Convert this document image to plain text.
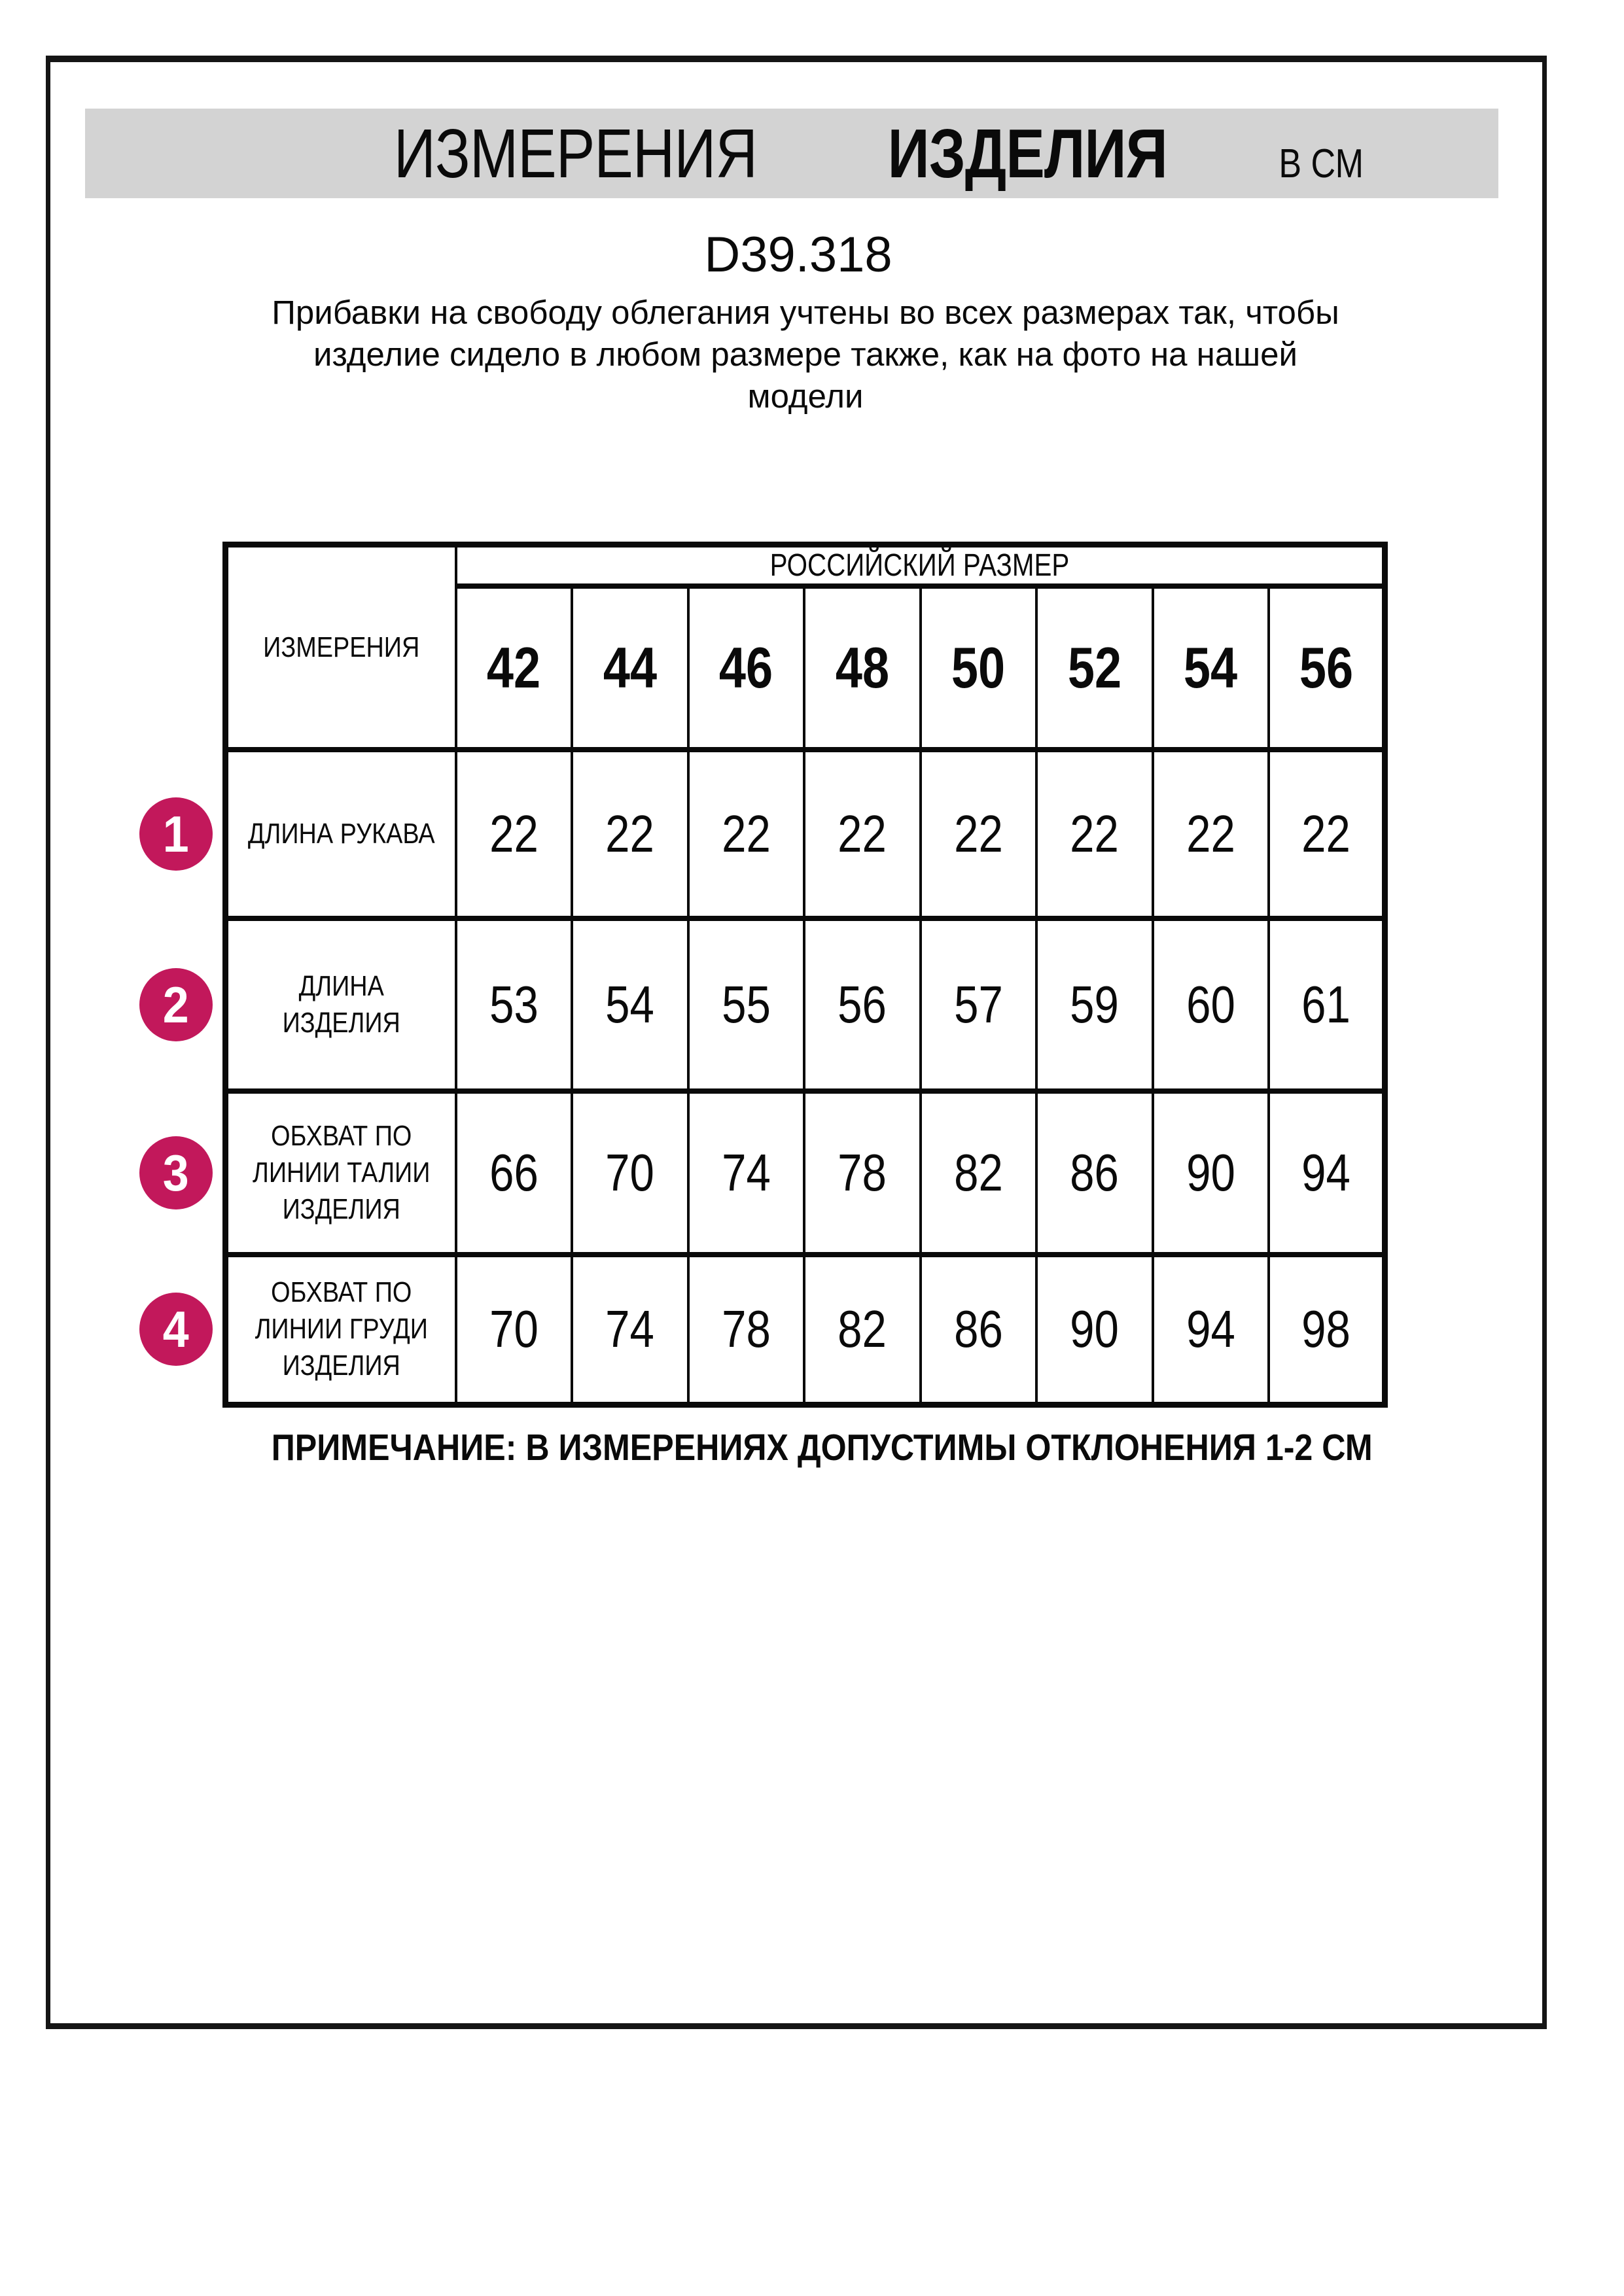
ИЗМЕРЕНИЯ ИЗДЕЛИЯ	В СМ
D39.318
Прибавки на свободу облегания учтены во всех размерах так, чтобы
изделие сидело в любом размере также, как на фото на нашей
модели
ИЗМЕРЕНИЯ	РОССИЙСКИЙ РАЗМЕР							
	42	44	46	48	50	52	54	56

1 ДЛИНА РУКАВА	22	22	22	22	22	22	22	22

2 ДЛИНА
ИЗДЕЛИЯ	53	54	55	56	57	59	60	61

3
ОБХВАТ ПО
ЛИНИИ ТАЛИИ
ИЗДЕЛИЯ	66	70	74	78	82	86	90	94

4
ОБХВАТ ПО
ЛИНИИ ГРУДИ
ИЗДЕЛИЯ	70	74	78	82	86	90	94	98
ПРИМЕЧАНИЕ: В ИЗМЕРЕНИЯХ ДОПУСТИМЫ ОТКЛОНЕНИЯ 1-2 СМ
